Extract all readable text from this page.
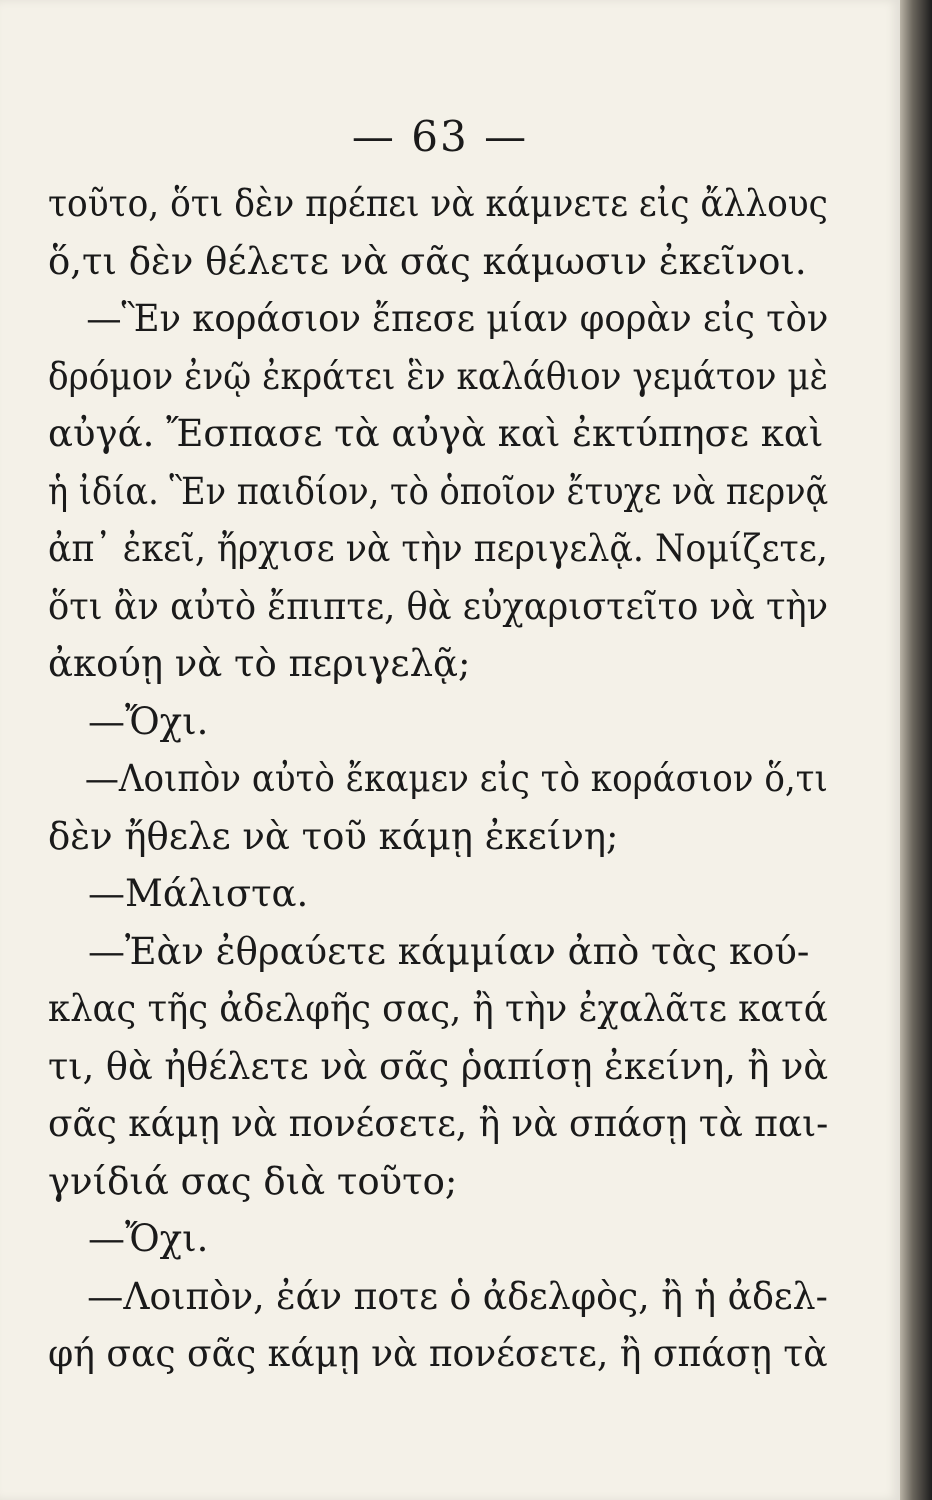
— 63 —
τοῦτο, ὅτι δὲν πρέπει νὰ κάμνετε εἰς ἄλλους
ὅ,τι δὲν θέλετε νὰ σᾶς κάμωσιν ἐκεῖνοι.
—Ἓν κοράσιον ἔπεσε μίαν φορὰν εἰς τὸν
δρόμον ἐνῷ ἐκράτει ἓν καλάθιον γεμάτον μὲ
αὐγά. Ἔσπασε τὰ αὐγὰ καὶ ἐκτύπησε καὶ
ἡ ἰδία. Ἓν παιδίον, τὸ ὁποῖον ἔτυχε νὰ περνᾷ
ἀπ᾽ ἐκεῖ, ἤρχισε νὰ τὴν περιγελᾷ. Νομίζετε,
ὅτι ἂν αὐτὸ ἔπιπτε, θὰ εὐχαριστεῖτο νὰ τὴν
ἀκούῃ νὰ τὸ περιγελᾷ;
—Ὄχι.
—Λοιπὸν αὐτὸ ἔκαμεν εἰς τὸ κοράσιον ὅ,τι
δὲν ἤθελε νὰ τοῦ κάμῃ ἐκείνη;
—Μάλιστα.
—Ἐὰν ἐθραύετε κάμμίαν ἀπὸ τὰς κού-
κλας τῆς ἀδελφῆς σας, ἢ τὴν ἐχαλᾶτε κατά
τι, θὰ ἠθέλετε νὰ σᾶς ῥαπίσῃ ἐκείνη, ἢ νὰ
σᾶς κάμῃ νὰ πονέσετε, ἢ νὰ σπάσῃ τὰ παι-
γνίδιά σας διὰ τοῦτο;
—Ὄχι.
—Λοιπὸν, ἐάν ποτε ὁ ἀδελφὸς, ἢ ἡ ἀδελ-
φή σας σᾶς κάμῃ νὰ πονέσετε, ἢ σπάσῃ τὰ
